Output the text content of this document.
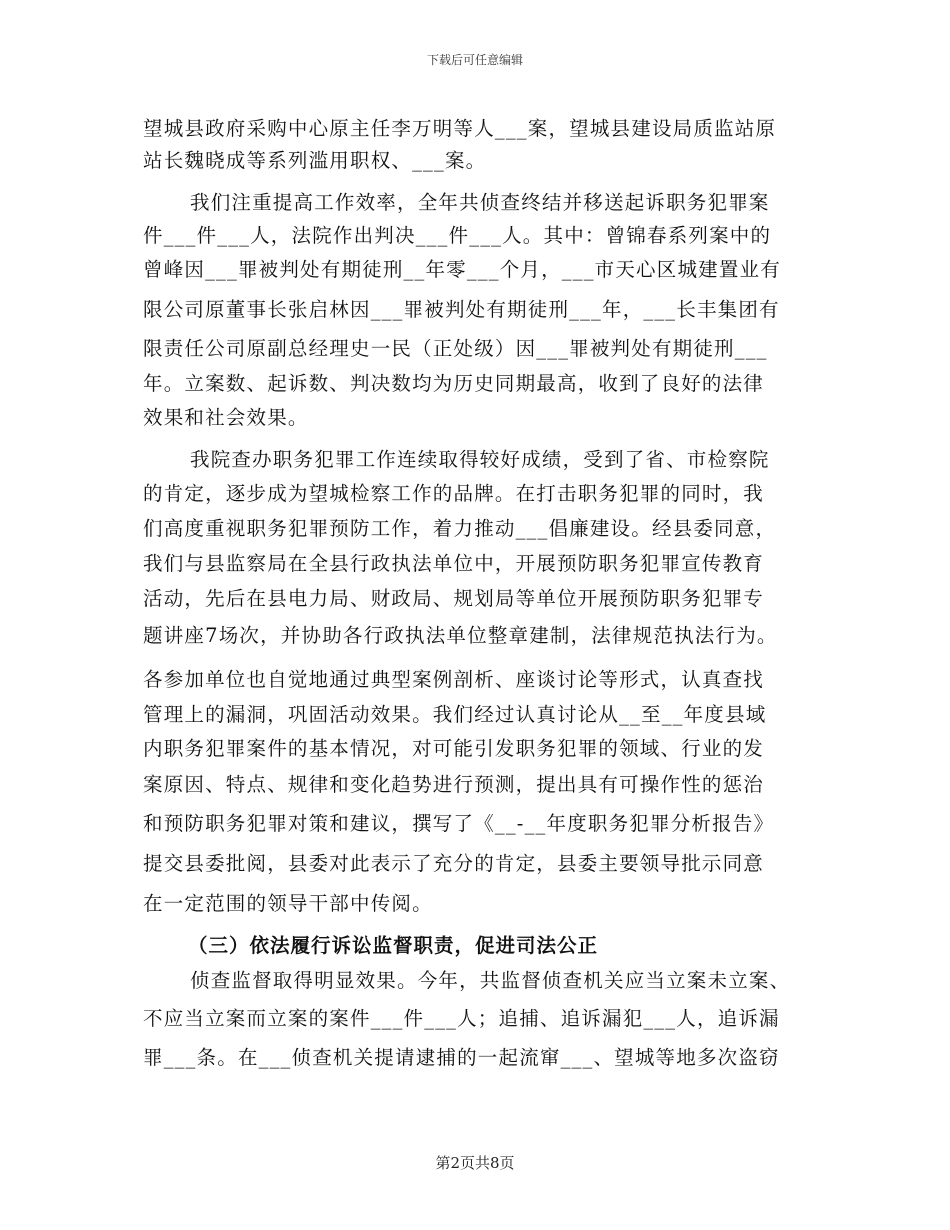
下载后可任意编辑
望城县政府采购中心原主任李万明等人___案，望城县建设局质监站原
站长魏晓成等系列滥用职权、___案。
我们注重提高工作效率，全年共侦查终结并移送起诉职务犯罪案
件___件___人，法院作出判决___件___人。其中：曾锦春系列案中的
曾峰因___罪被判处有期徒刑__年零___个月，___市天心区城建置业有
限公司原董事长张启林因___罪被判处有期徒刑___年，___长丰集团有
限责任公司原副总经理史一民（正处级）因___罪被判处有期徒刑___
年。立案数、起诉数、判决数均为历史同期最高，收到了良好的法律
效果和社会效果。
我院查办职务犯罪工作连续取得较好成绩，受到了省、市检察院
的肯定，逐步成为望城检察工作的品牌。在打击职务犯罪的同时，我
们高度重视职务犯罪预防工作，着力推动___倡廉建设。经县委同意，
我们与县监察局在全县行政执法单位中，开展预防职务犯罪宣传教育
活动，先后在县电力局、财政局、规划局等单位开展预防职务犯罪专
题讲座7场次，并协助各行政执法单位整章建制，法律规范执法行为。
各参加单位也自觉地通过典型案例剖析、座谈讨论等形式，认真查找
管理上的漏洞，巩固活动效果。我们经过认真讨论从__至__年度县域
内职务犯罪案件的基本情况，对可能引发职务犯罪的领域、行业的发
案原因、特点、规律和变化趋势进行预测，提出具有可操作性的惩治
和预防职务犯罪对策和建议，撰写了《__-__年度职务犯罪分析报告》
提交县委批阅，县委对此表示了充分的肯定，县委主要领导批示同意
在一定范围的领导干部中传阅。
（三）依法履行诉讼监督职责，促进司法公正
侦查监督取得明显效果。今年，共监督侦查机关应当立案未立案、
不应当立案而立案的案件___件___人；追捕、追诉漏犯___人，追诉漏
罪___条。在___侦查机关提请逮捕的一起流窜___、望城等地多次盗窃
第2页共8页
